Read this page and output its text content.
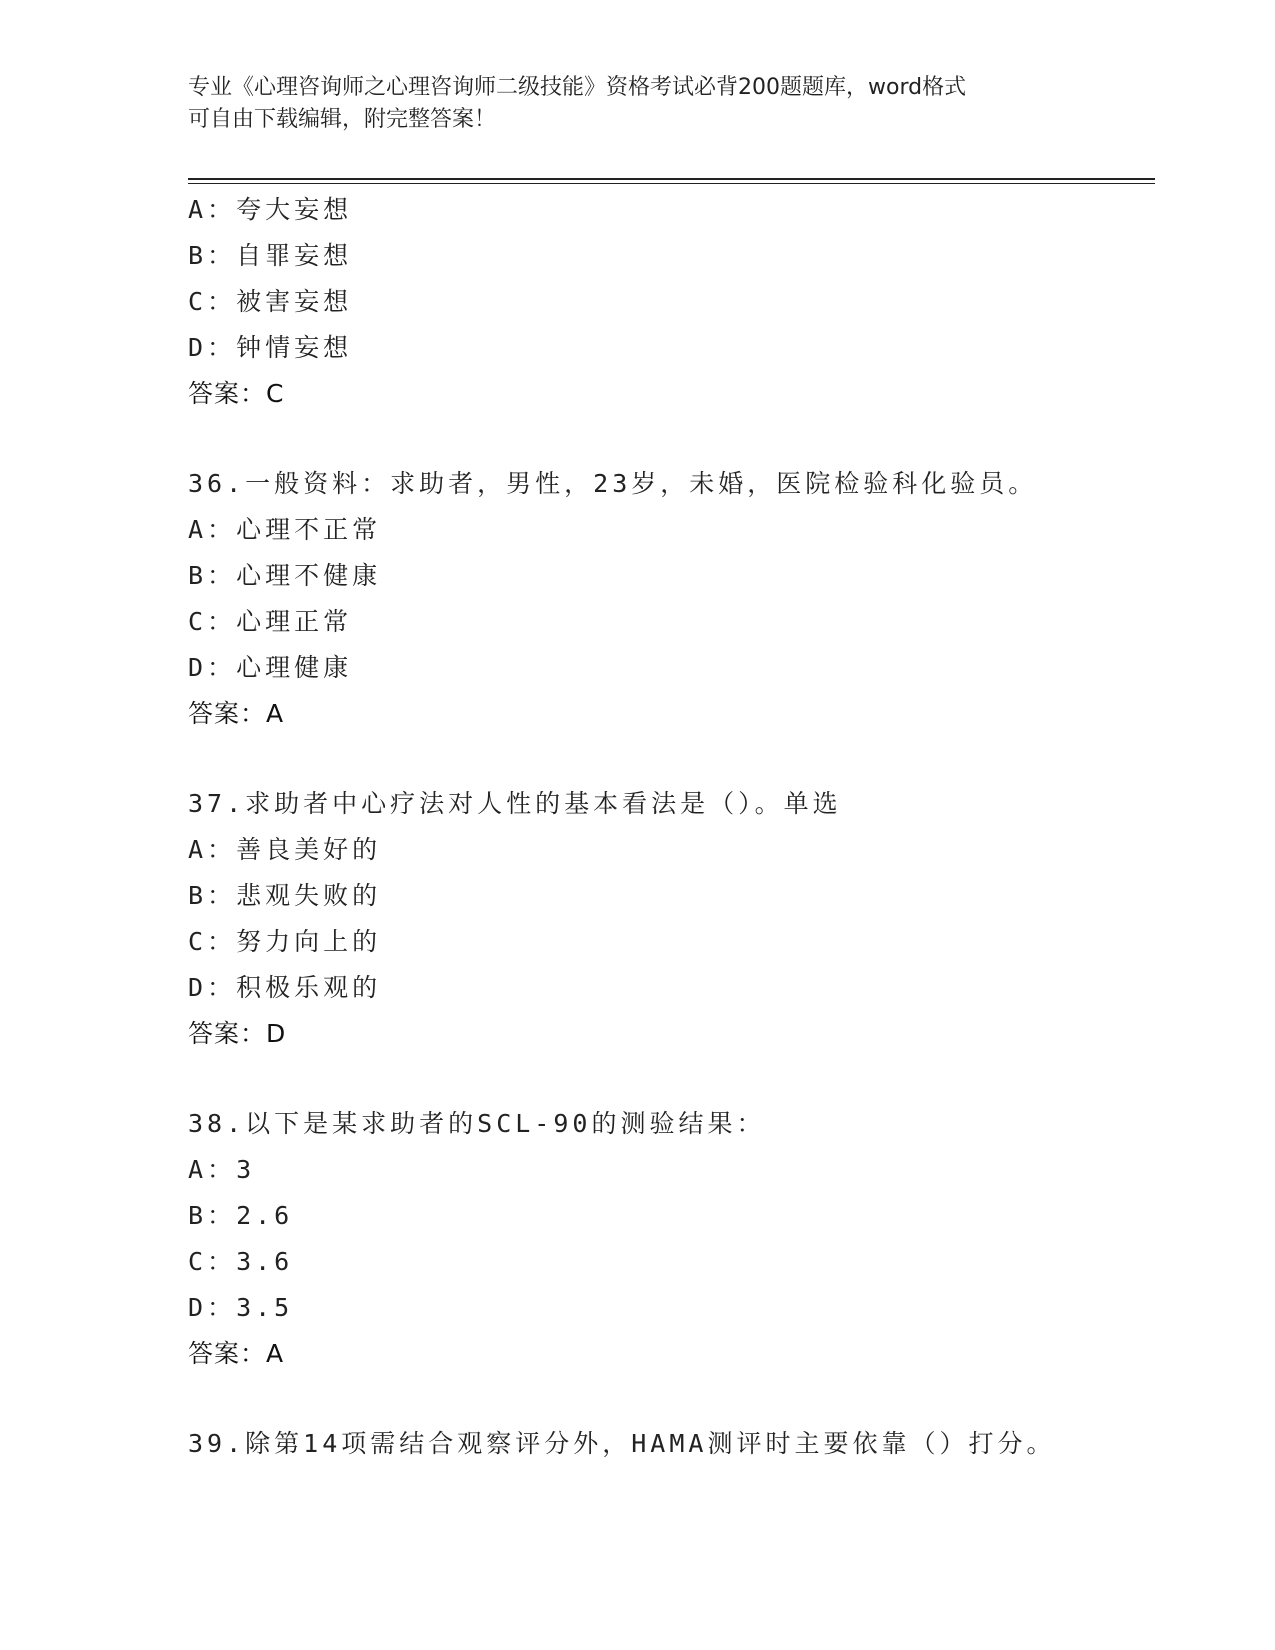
专业《心理咨询师之心理咨询师二级技能》资格考试必背200题题库，word格式

可自由下载编辑，附完整答案！

A：夸大妄想
B：自罪妄想
C：被害妄想
D：钟情妄想
答案：C
36.一般资料：求助者，男性，23岁，未婚，医院检验科化验员。
A：心理不正常
B：心理不健康
C：心理正常
D：心理健康
答案：A
37.求助者中心疗法对人性的基本看法是（）。单选
A：善良美好的
B：悲观失败的
C：努力向上的
D：积极乐观的
答案：D
38.以下是某求助者的SCL-90的测验结果：
A：3
B：2.6
C：3.6
D：3.5
答案：A
39.除第14项需结合观察评分外，HAMA测评时主要依靠（）打分。
